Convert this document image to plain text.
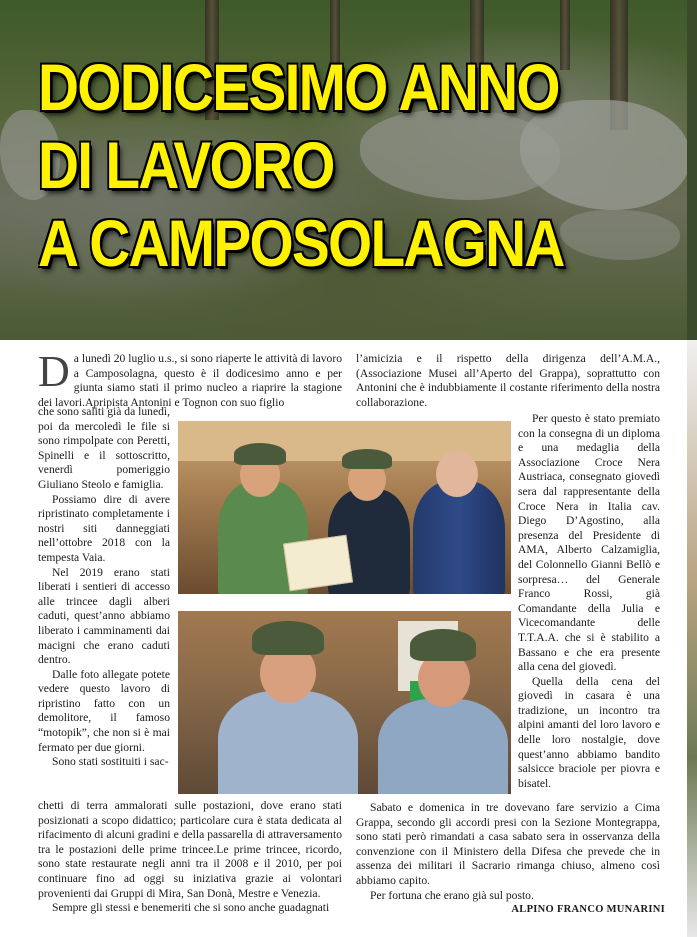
DODICESIMO ANNO
DI LAVORO
A CAMPOSOLAGNA
D a lunedì 20 luglio u.s., si sono riaperte le attività di lavoro a Camposolagna, questo è il dodicesimo anno e per giunta siamo stati il primo nucleo a riaprire la stagione dei lavori.Apripista Antonini e Tognon con suo figlio

che sono saliti già da lunedì, poi da mercoledì le file si sono rimpolpate con Peretti, Spinelli e il sottoscritto, venerdì pomeriggio Giuliano Steolo e famiglia.

Possiamo dire di avere ripristinato completamente i nostri siti danneggiati nell’ottobre 2018 con la tempesta Vaia.

Nel 2019 erano stati liberati i sentieri di accesso alle trincee dagli alberi caduti, quest’anno abbiamo liberato i camminamenti dai macigni che erano caduti dentro.

Dalle foto allegate potete vedere questo lavoro di ripristino fatto con un demolitore, il famoso “motopik”, che non si è mai fermato per due giorni.

Sono stati sostituiti i sac-

chetti di terra ammalorati sulle postazioni, dove erano stati posizionati a scopo didattico; particolare cura è stata dedicata al rifacimento di alcuni gradini e della passarella di attraversamento tra le postazioni delle prime trincee.Le prime trincee, ricordo, sono state restaurate negli anni tra il 2008 e il 2010, per poi continuare fino ad oggi su iniziativa grazie ai volontari provenienti dai Gruppi di Mira, San Donà, Mestre e Venezia.

Sempre gli stessi e benemeriti che si sono anche guadagnati

l’amicizia e il rispetto della dirigenza dell’A.M.A., (Associazione Musei all’Aperto del Grappa), soprattutto con Antonini che è indubbiamente il costante riferimento della nostra collaborazione.

Per questo è stato premiato con la consegna di un diploma e una medaglia della Associazione Croce Nera Austriaca, consegnato giovedì sera dal rappresentante della Croce Nera in Italia cav. Diego D’Agostino, alla presenza del Presidente di AMA, Alberto Calzamiglia, del Colonnello Gianni Bellò e sorpresa… del Generale Franco Rossi, già Comandante della Julia e Vicecomandante delle T.T.A.A. che si è stabilito a Bassano e che era presente alla cena del giovedì.

Quella della cena del giovedì in casara è una tradizione, un incontro tra alpini amanti del loro lavoro e delle loro nostalgie, dove quest’anno abbiamo bandito salsicce braciole per piovra e bisatel.

Sabato e domenica in tre dovevano fare servizio a Cima Grappa, secondo gli accordi presi con la Sezione Montegrappa, sono stati però rimandati a casa sabato sera in osservanza della convenzione con il Ministero della Difesa che prevede che in assenza dei militari il Sacrario rimanga chiuso, almeno così abbiamo capito.

Per fortuna che erano già sul posto.

ALPINO FRANCO MUNARINI
